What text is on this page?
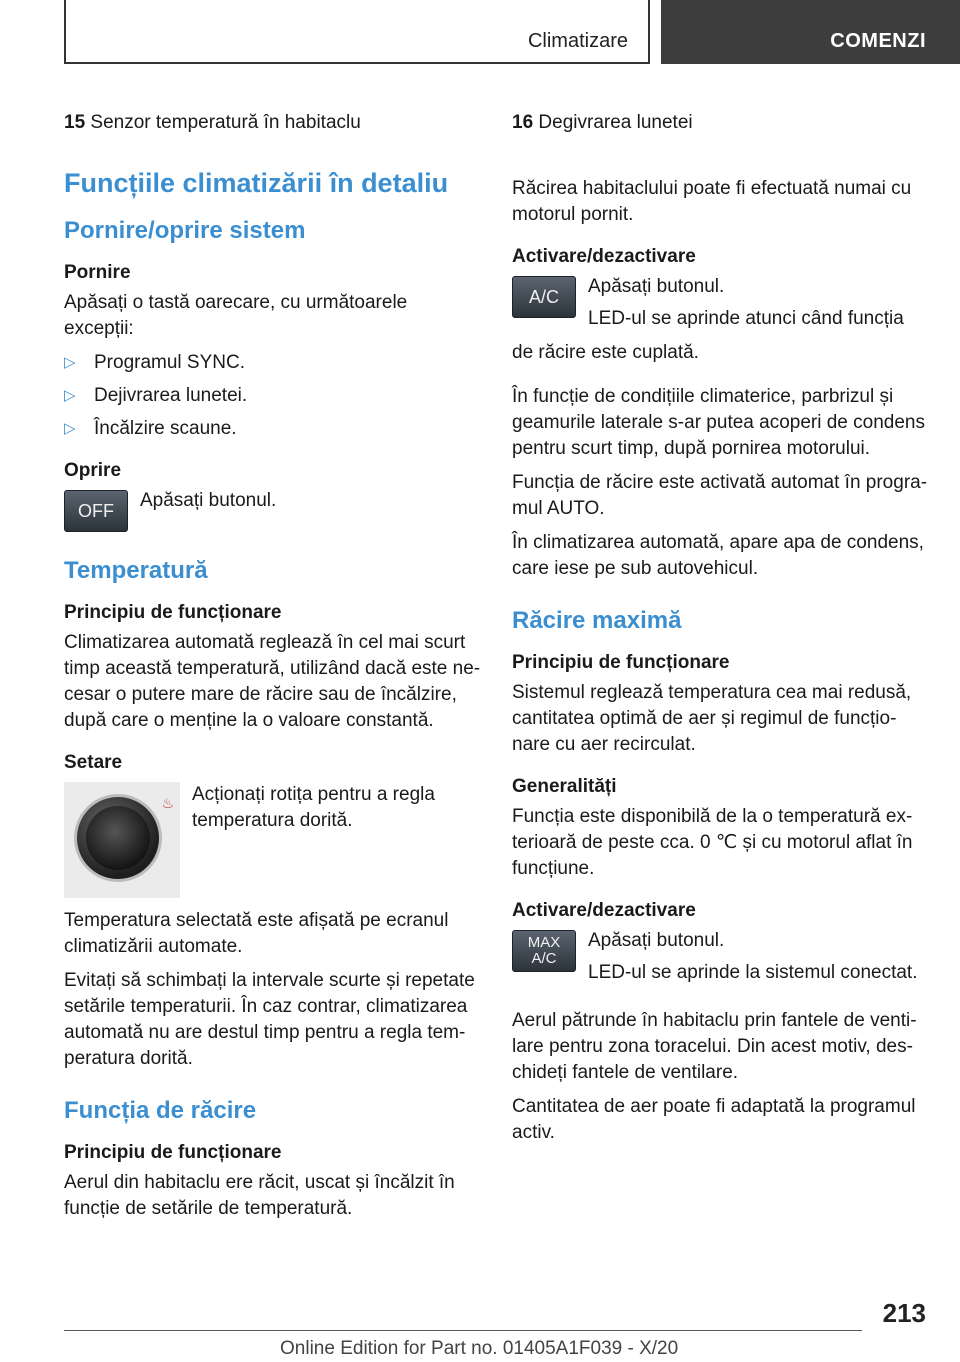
Climatizare	COMENZI

15 Senzor temperatură în habitaclu

Funcțiile climatizării în detaliu
Pornire/oprire sistem
Pornire

Apăsați o tastă oarecare, cu următoarele excepții:

▷ Programul SYNC.
▷ Dejivrarea lunetei.
▷ Încălzire scaune.
Oprire
OFF	Apăsați butonul.

Temperatură
Principiu de funcționare

Climatizarea automată reglează în cel mai scurt timp această temperatură, utilizând dacă este ne-cesar o putere mare de răcire sau de încălzire, după care o menține la o valoare constantă.

Setare
♨ Acționați rotița pentru a regla temperatura dorită.

Temperatura selectată este afișată pe ecranul climatizării automate.

Evitați să schimbați la intervale scurte și repetate setările temperaturii. În caz contrar, climatizarea automată nu are destul timp pentru a regla tem-peratura dorită.

Funcția de răcire
Principiu de funcționare

Aerul din habitaclu ere răcit, uscat și încălzit în funcție de setările de temperatură.

16 Degivrarea lunetei

Răcirea habitaclului poate fi efectuată numai cu motorul pornit.

Activare/dezactivare
A/C	Apăsați butonul.

LED-ul se aprinde atunci când funcția

de răcire este cuplată.

În funcție de condițiile climaterice, parbrizul și geamurile laterale s-ar putea acoperi de condens pentru scurt timp, după pornirea motorului.

Funcția de răcire este activată automat în progra-mul AUTO.

În climatizarea automată, apare apa de condens, care iese pe sub autovehicul.

Răcire maximă
Principiu de funcționare

Sistemul reglează temperatura cea mai redusă, cantitatea optimă de aer și regimul de funcțio-nare cu aer recirculat.

Generalități

Funcția este disponibilă de la o temperatură ex-terioară de peste cca. 0 ℃ și cu motorul aflat în funcțiune.

Activare/dezactivare
MAX
A/C

Apăsați butonul.

LED-ul se aprinde la sistemul conectat.

Aerul pătrunde în habitaclu prin fantele de venti-lare pentru zona toracelui. Din acest motiv, des-chideți fantele de ventilare.

Cantitatea de aer poate fi adaptată la programul activ.

213
Online Edition for Part no. 01405A1F039 - X/20
